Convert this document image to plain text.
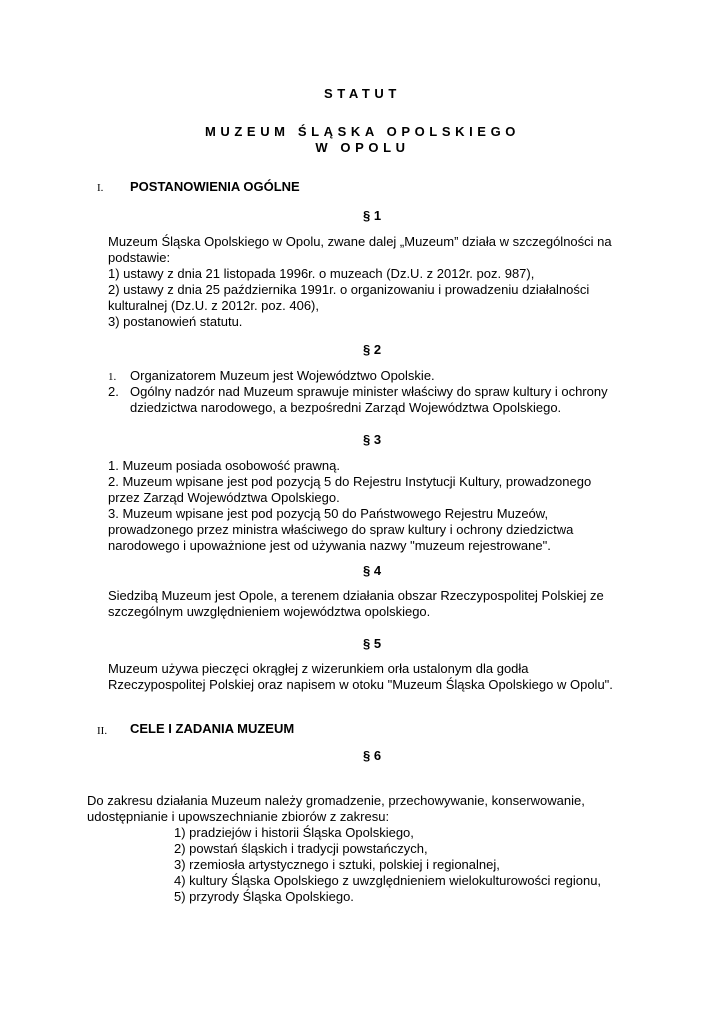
STATUT
MUZEUM ŚLĄSKA OPOLSKIEGO
W OPOLU
I. POSTANOWIENIA OGÓLNE
§ 1
Muzeum Śląska Opolskiego w Opolu, zwane dalej „Muzeum” działa w szczególności na
podstawie:
1) ustawy z dnia 21 listopada 1996r. o muzeach (Dz.U. z 2012r. poz. 987),
2) ustawy z dnia 25 października 1991r. o organizowaniu i prowadzeniu działalności
kulturalnej (Dz.U. z 2012r. poz. 406),
3) postanowień statutu.
§ 2
1. Organizatorem Muzeum jest Województwo Opolskie.
2. Ogólny nadzór nad Muzeum sprawuje minister właściwy do spraw kultury i ochrony
dziedzictwa narodowego, a bezpośredni Zarząd Województwa Opolskiego.
§ 3
1. Muzeum posiada osobowość prawną.
2. Muzeum wpisane jest pod pozycją 5 do Rejestru Instytucji Kultury, prowadzonego
przez Zarząd Województwa Opolskiego.
3. Muzeum wpisane jest pod pozycją 50 do Państwowego Rejestru Muzeów,
prowadzonego przez ministra właściwego do spraw kultury i ochrony dziedzictwa
narodowego i upoważnione jest od używania nazwy "muzeum rejestrowane".
§ 4
Siedzibą Muzeum jest Opole, a terenem działania obszar Rzeczypospolitej Polskiej ze
szczególnym uwzględnieniem województwa opolskiego.
§ 5
Muzeum używa pieczęci okrągłej z wizerunkiem orła ustalonym dla godła
Rzeczypospolitej Polskiej oraz napisem w otoku "Muzeum Śląska Opolskiego w Opolu".
II. CELE I ZADANIA MUZEUM
§ 6
Do zakresu działania Muzeum należy gromadzenie, przechowywanie, konserwowanie,
udostępnianie i upowszechnianie zbiorów z zakresu:
1) pradziejów i historii Śląska Opolskiego,
2) powstań śląskich i tradycji powstańczych,
3) rzemiosła artystycznego i sztuki, polskiej i regionalnej,
4) kultury Śląska Opolskiego z uwzględnieniem wielokulturowości regionu,
5) przyrody Śląska Opolskiego.
